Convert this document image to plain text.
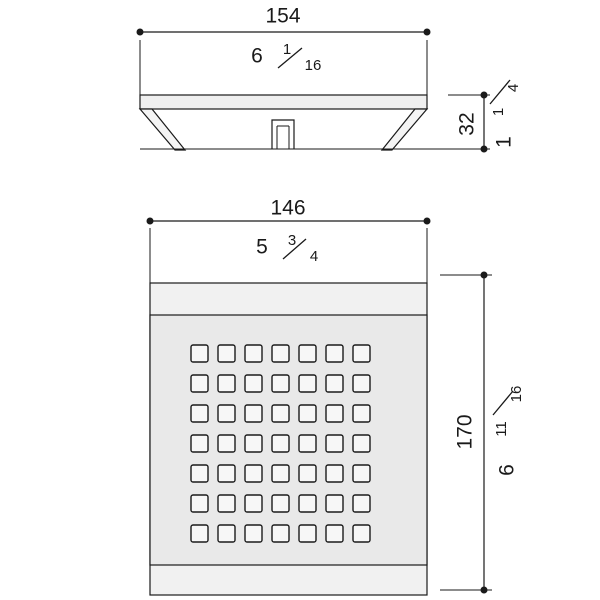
154
6 1
16
32
1
1
4
146
5 3
4
170
6
11
16
